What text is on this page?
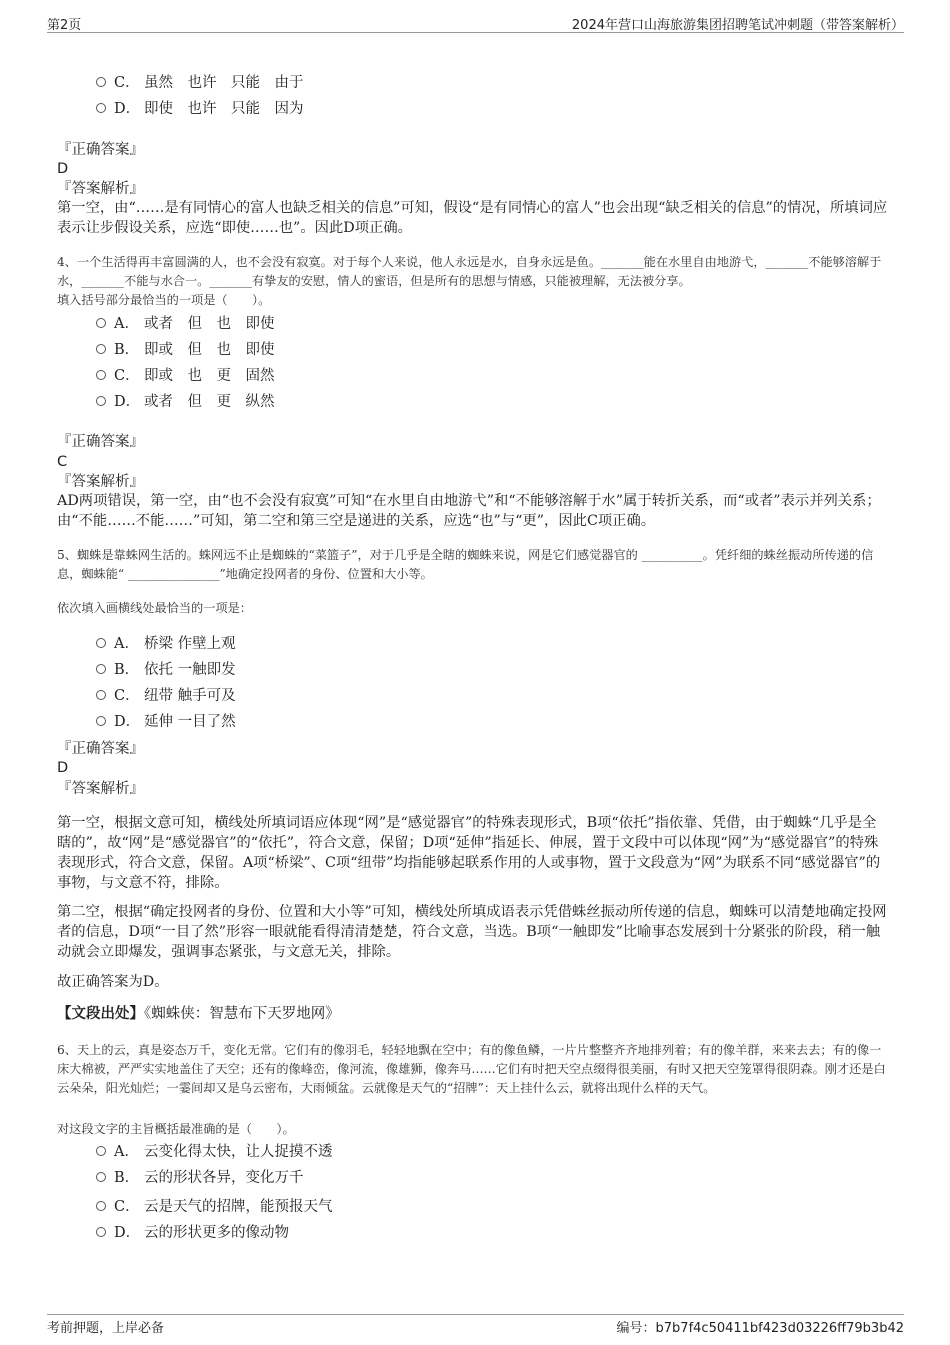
第2页	2024年营口山海旅游集团招聘笔试冲刺题（带答案解析）
C． 虽然　也许　只能　由于
D． 即使　也许　只能　因为
『正确答案』
D
『答案解析』
第一空，由“……是有同情心的富人也缺乏相关的信息”可知，假设“是有同情心的富人”也会出现“缺乏相关的信息”的情况，所填词应表示让步假设关系，应选“即使……也”。因此D项正确。
4、一个生活得再丰富圆满的人，也不会没有寂寞。对于每个人来说，他人永远是水，自身永远是鱼。_______能在水里自由地游弋，_______不能够溶解于水，_______不能与水合一。_______有挚友的安慰，情人的蜜语，但是所有的思想与情感，只能被理解，无法被分享。
填入括号部分最恰当的一项是（　　）。
A． 或者　但　也　即使
B． 即或　但　也　即使
C． 即或　也　更　固然
D． 或者　但　更　纵然
『正确答案』
C
『答案解析』
AD两项错误，第一空，由“也不会没有寂寞”可知“在水里自由地游弋”和“不能够溶解于水”属于转折关系，而“或者”表示并列关系；由“不能……不能……”可知，第二空和第三空是递进的关系，应选“也”与“更”，因此C项正确。
5、蜘蛛是靠蛛网生活的。蛛网远不止是蜘蛛的“菜篮子”，对于几乎是全瞎的蜘蛛来说，网是它们感觉器官的 __________。凭纤细的蛛丝振动所传递的信息，蜘蛛能“ _______________”地确定投网者的身份、位置和大小等。
依次填入画横线处最恰当的一项是：
A． 桥梁 作壁上观
B． 依托 一触即发
C． 纽带 触手可及
D． 延伸 一目了然
『正确答案』
D
『答案解析』
第一空，根据文意可知，横线处所填词语应体现“网”是“感觉器官”的特殊表现形式，B项“依托”指依靠、凭借，由于蜘蛛“几乎是全瞎的”，故“网”是“感觉器官”的“依托”，符合文意，保留；D项“延伸”指延长、伸展，置于文段中可以体现“网”为“感觉器官”的特殊表现形式，符合文意，保留。A项“桥梁”、C项“纽带”均指能够起联系作用的人或事物，置于文段意为“网”为联系不同“感觉器官”的事物，与文意不符，排除。
第二空，根据“确定投网者的身份、位置和大小等”可知，横线处所填成语表示凭借蛛丝振动所传递的信息，蜘蛛可以清楚地确定投网者的信息，D项“一目了然”形容一眼就能看得清清楚楚，符合文意，当选。B项“一触即发”比喻事态发展到十分紧张的阶段，稍一触动就会立即爆发，强调事态紧张，与文意无关，排除。
故正确答案为D。
【文段出处】《蜘蛛侠：智慧布下天罗地网》
6、天上的云，真是姿态万千，变化无常。它们有的像羽毛，轻轻地飘在空中；有的像鱼鳞，一片片整整齐齐地排列着；有的像羊群，来来去去；有的像一床大棉被，严严实实地盖住了天空；还有的像峰峦，像河流，像雄狮，像奔马……它们有时把天空点缀得很美丽，有时又把天空笼罩得很阴森。刚才还是白云朵朵，阳光灿烂；一霎间却又是乌云密布，大雨倾盆。云就像是天气的“招牌”：天上挂什么云，就将出现什么样的天气。
对这段文字的主旨概括最准确的是（　　）。
A． 云变化得太快，让人捉摸不透
B． 云的形状各异，变化万千
C． 云是天气的招牌，能预报天气
D． 云的形状更多的像动物
考前押题，上岸必备	编号：b7b7f4c50411bf423d03226ff79b3b42
